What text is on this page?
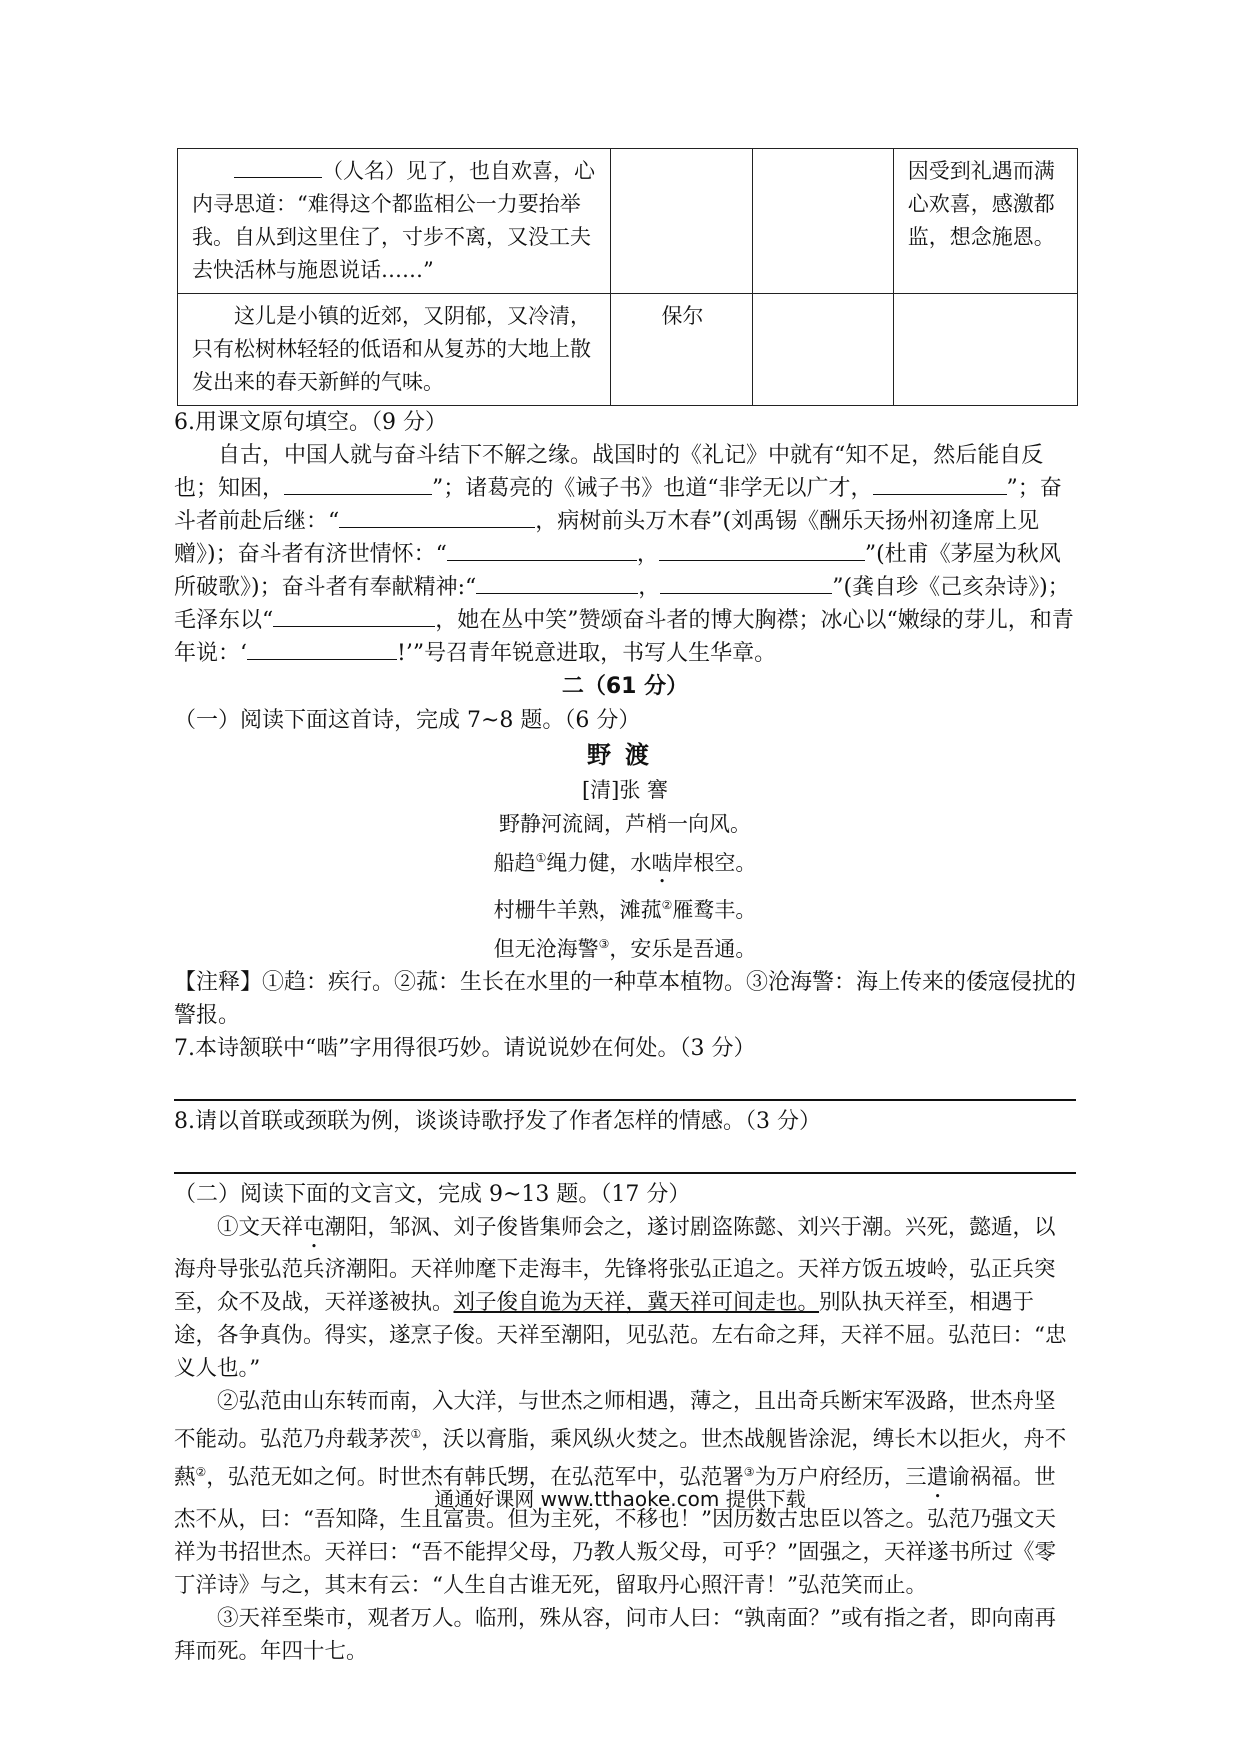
（人名）见了，也自欢喜，心内寻思道：“难得这个都监相公一力要抬举我。自从到这里住了，寸步不离，又没工夫去快活林与施恩说话……”			因受到礼遇而满心欢喜，感激都监，想念施恩。
这儿是小镇的近郊，又阴郁，又冷清，只有松树林轻轻的低语和从复苏的大地上散发出来的春天新鲜的气味。	保尔		

6.用课文原句填空。（9 分）

自古，中国人就与奋斗结下不解之缘。战国时的《礼记》中就有“知不足，然后能自反也；知困，	”；诸葛亮的《诫子书》也道“非学无以广才，	”；奋斗者前赴后继：“	，病树前头万木春”(刘禹锡《酬乐天扬州初逢席上见赠》)；奋斗者有济世情怀：“	，	”(杜甫《茅屋为秋风所破歌》)；奋斗者有奉献精神:“	，	”(龚自珍《己亥杂诗》)；毛泽东以“	，她在丛中笑”赞颂奋斗者的博大胸襟；冰心以“嫩绿的芽儿，和青年说：‘	!’”号召青年锐意进取，书写人生华章。

二（61 分）

（一）阅读下面这首诗，完成 7~8 题。（6 分）

野渡

[清]张 謇

野静河流阔，芦梢一向风。

船趋①绳力健，水啮岸根空。

村栅牛羊熟，滩菰②雁鹜丰。

但无沧海警③，安乐是吾通。

【注释】①趋：疾行。②菰：生长在水里的一种草本植物。③沧海警：海上传来的倭寇侵扰的警报。

7.本诗颔联中“啮”字用得很巧妙。请说说妙在何处。（3 分）

8.请以首联或颈联为例，谈谈诗歌抒发了作者怎样的情感。（3 分）

（二）阅读下面的文言文，完成 9~13 题。（17 分）

①文天祥屯潮阳，邹沨、刘子俊皆集师会之，遂讨剧盗陈懿、刘兴于潮。兴死，懿遁，以海舟导张弘范兵济潮阳。天祥帅麾下走海丰，先锋将张弘正追之。天祥方饭五坡岭，弘正兵突至，众不及战，天祥遂被执。刘子俊自诡为天祥，冀天祥可间走也。别队执天祥至，相遇于途，各争真伪。得实，遂烹子俊。天祥至潮阳，见弘范。左右命之拜，天祥不屈。弘范曰：“忠义人也。”

②弘范由山东转而南，入大洋，与世杰之师相遇，薄之，且出奇兵断宋军汲路，世杰舟坚不能动。弘范乃舟载茅茨①，沃以膏脂，乘风纵火焚之。世杰战舰皆涂泥，缚长木以拒火，舟不爇②，弘范无如之何。时世杰有韩氏甥，在弘范军中，弘范署③为万户府经历，三遣谕祸福。世杰不从，曰：“吾知降，生且富贵。但为主死，不移也！”因历数古忠臣以答之。弘范乃强文天祥为书招世杰。天祥曰：“吾不能捍父母，乃教人叛父母，可乎？”固强之，天祥遂书所过《零丁洋诗》与之，其末有云：“人生自古谁无死，留取丹心照汗青！”弘范笑而止。

③天祥至柴市，观者万人。临刑，殊从容，问市人曰：“孰南面？”或有指之者，即向南再拜而死。年四十七。

通通好课网 www.tthaoke.com 提供下载
